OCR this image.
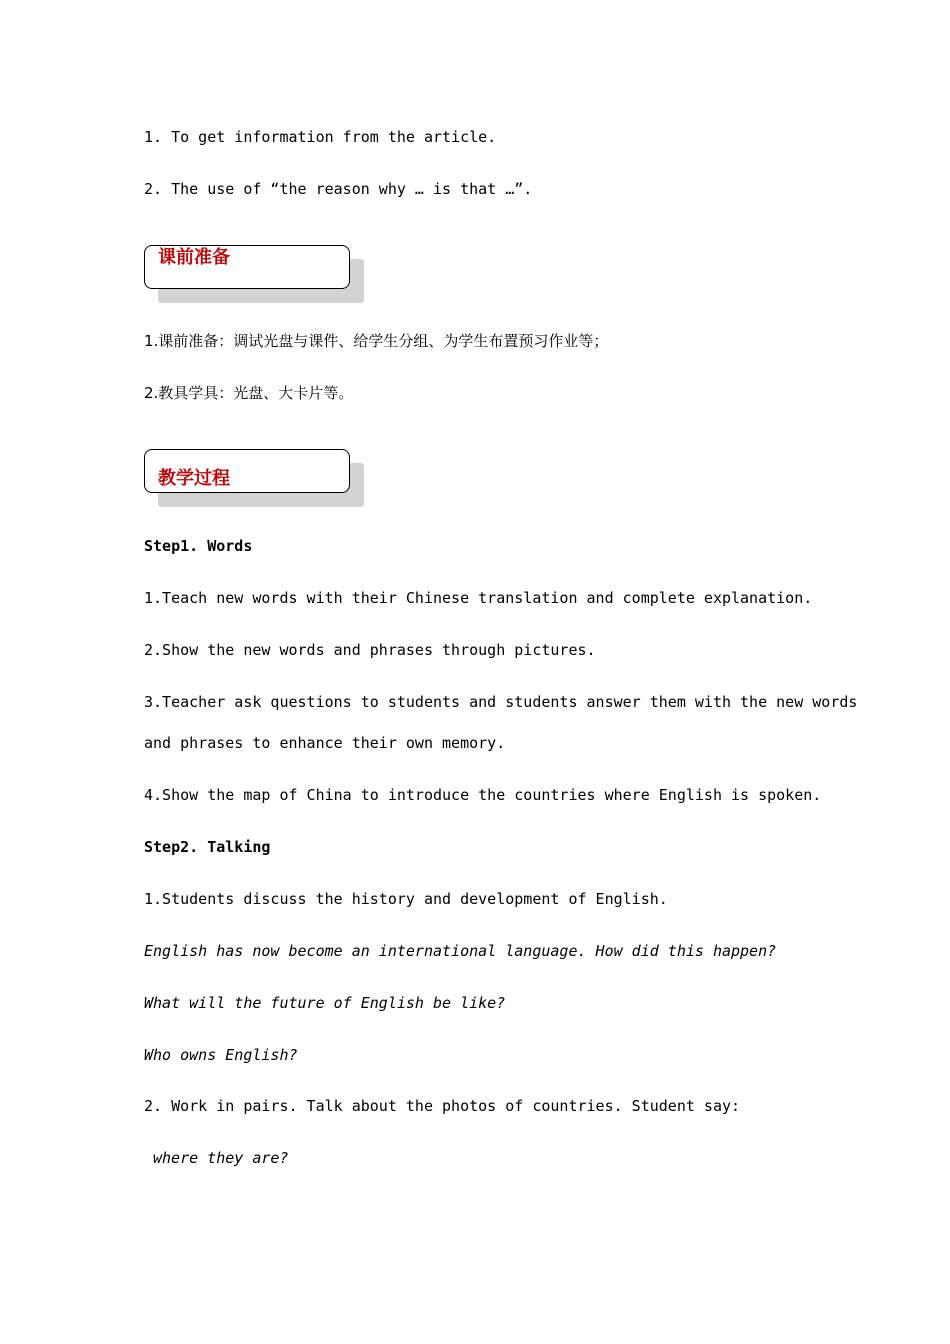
1. To get information from the article.
2. The use of “the reason why … is that …”.
课前准备
1.课前准备：调试光盘与课件、给学生分组、为学生布置预习作业等；
2.教具学具：光盘、大卡片等。
教学过程
Step1. Words
1.Teach new words with their Chinese translation and complete explanation.
2.Show the new words and phrases through pictures.
3.Teacher ask questions to students and students answer them with the new words
and phrases to enhance their own memory.
4.Show the map of China to introduce the countries where English is spoken.
Step2. Talking
1.Students discuss the history and development of English.
English has now become an international language. How did this happen?
What will the future of English be like?
Who owns English?
2. Work in pairs. Talk about the photos of countries. Student say:
where they are?
